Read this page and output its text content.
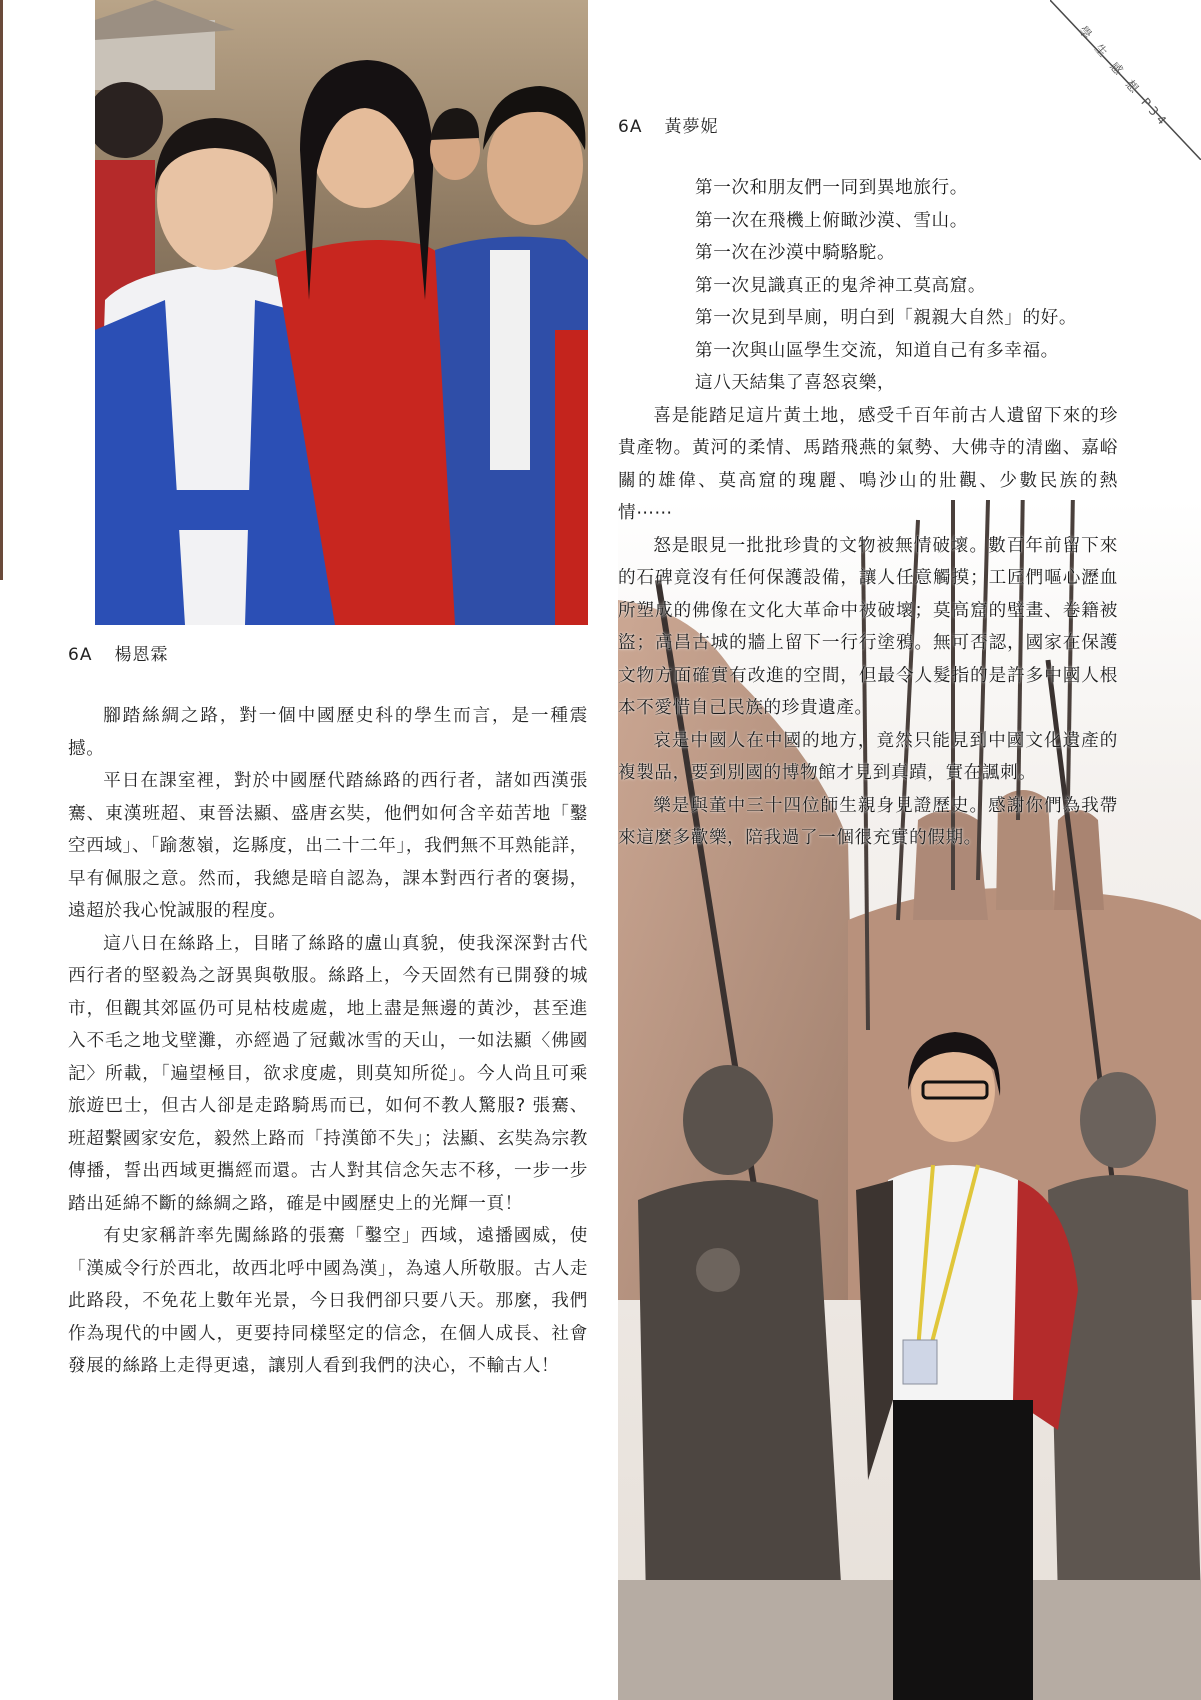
學 生 感 想 P34
6A 楊恩霖

腳踏絲綢之路，對一個中國歷史科的學生而言，是一種震撼。

平日在課室裡，對於中國歷代踏絲路的西行者，諸如西漢張騫、東漢班超、東晉法顯、盛唐玄奘，他們如何含辛茹苦地「鑿空西域」、「踰葱嶺，迄縣度，出二十二年」，我們無不耳熟能詳，早有佩服之意。然而，我總是暗自認為，課本對西行者的褒揚，遠超於我心悅誠服的程度。

這八日在絲路上，目睹了絲路的盧山真貌，使我深深對古代西行者的堅毅為之訝異與敬服。絲路上，今天固然有已開發的城市，但觀其郊區仍可見枯枝處處，地上盡是無邊的黃沙，甚至進入不毛之地戈壁灘，亦經過了冠戴冰雪的天山，一如法顯〈佛國記〉所載，「遍望極目，欲求度處，則莫知所從」。今人尚且可乘旅遊巴士，但古人卻是走路騎馬而已，如何不教人驚服? 張騫、班超繫國家安危，毅然上路而「持漢節不失」；法顯、玄奘為宗教傳播，誓出西域更攜經而還。古人對其信念矢志不移，一步一步踏出延綿不斷的絲綢之路，確是中國歷史上的光輝一頁！

有史家稱許率先闖絲路的張騫「鑿空」西域，遠播國威，使「漢威令行於西北，故西北呼中國為漢」，為遠人所敬服。古人走此路段，不免花上數年光景，今日我們卻只要八天。那麼，我們作為現代的中國人，更要持同樣堅定的信念，在個人成長、社會發展的絲路上走得更遠，讓別人看到我們的決心，不輸古人！

6A 黃夢妮
第一次和朋友們一同到異地旅行。
第一次在飛機上俯瞰沙漠、雪山。
第一次在沙漠中騎駱駝。
第一次見識真正的鬼斧神工莫高窟。
第一次見到旱廁，明白到「親親大自然」的好。
第一次與山區學生交流，知道自己有多幸福。
這八天結集了喜怒哀樂，

喜是能踏足這片黃土地，感受千百年前古人遺留下來的珍貴產物。黃河的柔情、馬踏飛燕的氣勢、大佛寺的清幽、嘉峪關的雄偉、莫高窟的瑰麗、鳴沙山的壯觀、少數民族的熱情⋯⋯

怒是眼見一批批珍貴的文物被無情破壞。數百年前留下來的石碑竟沒有任何保護設備，讓人任意觸摸；工匠們嘔心瀝血所塑成的佛像在文化大革命中被破壞；莫高窟的壁畫、卷籍被盜；高昌古城的牆上留下一行行塗鴉。無可否認，國家在保護文物方面確實有改進的空間，但最令人髮指的是許多中國人根本不愛惜自己民族的珍貴遺產。

哀是中國人在中國的地方，竟然只能見到中國文化遺產的複製品，要到別國的博物館才見到真蹟，實在諷刺。

樂是與董中三十四位師生親身見證歷史。感謝你們為我帶來這麼多歡樂，陪我過了一個很充實的假期。
